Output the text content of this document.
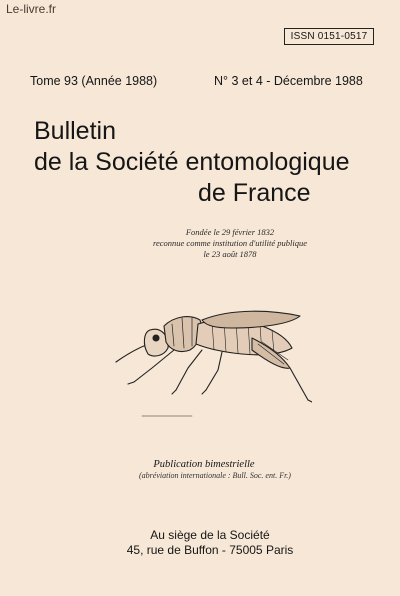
Le-livre.fr
ISSN 0151-0517
Tome 93 (Année 1988)	N° 3 et 4 - Décembre 1988
Bulletin
de la Société entomologique
de France
Fondée le 29 février 1832
reconnue comme institution d'utilité publique
le 23 août 1878
Publication bimestrielle
(abréviation internationale : Bull. Soc. ent. Fr.)
Au siège de la Société
45, rue de Buffon - 75005 Paris
